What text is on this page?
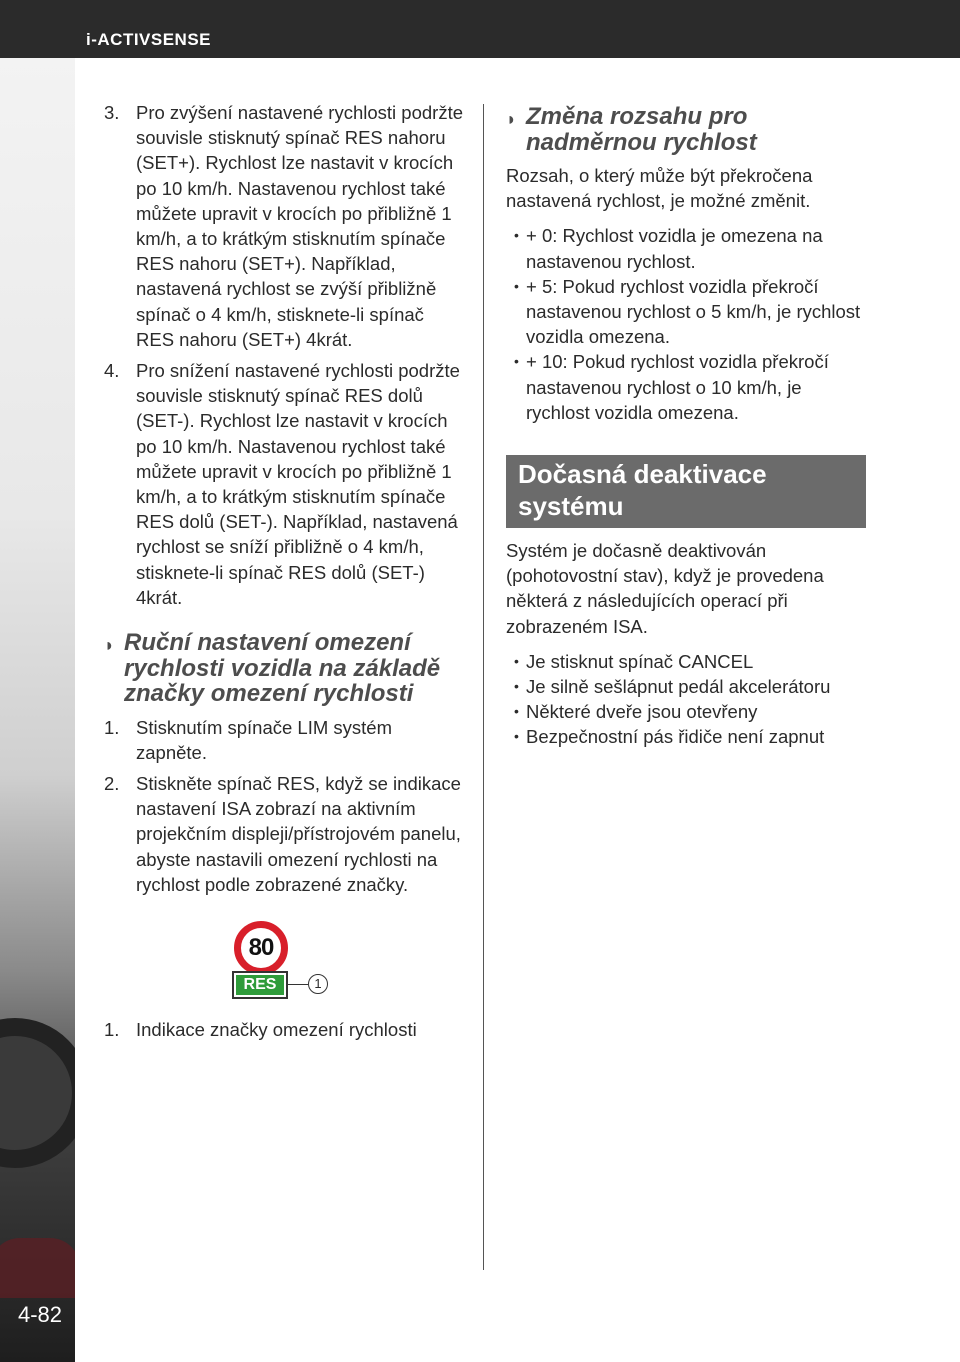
i-ACTIVSENSE
4-82
3. Pro zvýšení nastavené rychlosti podržte souvisle stisknutý spínač RES nahoru (SET+). Rychlost lze nastavit v krocích po 10 km/h. Nastavenou rychlost také můžete upravit v krocích po přibližně 1 km/h, a to krátkým stisknutím spínače RES nahoru (SET+). Například, nastavená rychlost se zvýší přibližně spínač o 4 km/h, stisknete-li spínač RES nahoru (SET+) 4krát.
4. Pro snížení nastavené rychlosti podržte souvisle stisknutý spínač RES dolů (SET-). Rychlost lze nastavit v krocích po 10 km/h. Nastavenou rychlost také můžete upravit v krocích po přibližně 1 km/h, a to krátkým stisknutím spínače RES dolů (SET-). Například, nastavená rychlost se sníží přibližně o 4 km/h, stisknete-li spínač RES dolů (SET-) 4krát.
◗ Ruční nastavení omezení rychlosti vozidla na základě značky omezení rychlosti
1. Stisknutím spínače LIM systém zapněte.
2. Stiskněte spínač RES, když se indikace nastavení ISA zobrazí na aktivním projekčním displeji/přístrojovém panelu, abyste nastavili omezení rychlosti na rychlost podle zobrazené značky.
80
RES	1
1. Indikace značky omezení rychlosti
◗ Změna rozsahu pro nadměrnou rychlost

Rozsah, o který může být překročena nastavená rychlost, je možné změnit.

• + 0: Rychlost vozidla je omezena na nastavenou rychlost.
• + 5: Pokud rychlost vozidla překročí nastavenou rychlost o 5 km/h, je rychlost vozidla omezena.
• + 10: Pokud rychlost vozidla překročí nastavenou rychlost o 10 km/h, je rychlost vozidla omezena.
Dočasná deaktivace
systému

Systém je dočasně deaktivován (pohotovostní stav), když je provedena některá z následujících operací při zobrazeném ISA.

• Je stisknut spínač CANCEL
• Je silně sešlápnut pedál akcelerátoru
• Některé dveře jsou otevřeny
• Bezpečnostní pás řidiče není zapnut
